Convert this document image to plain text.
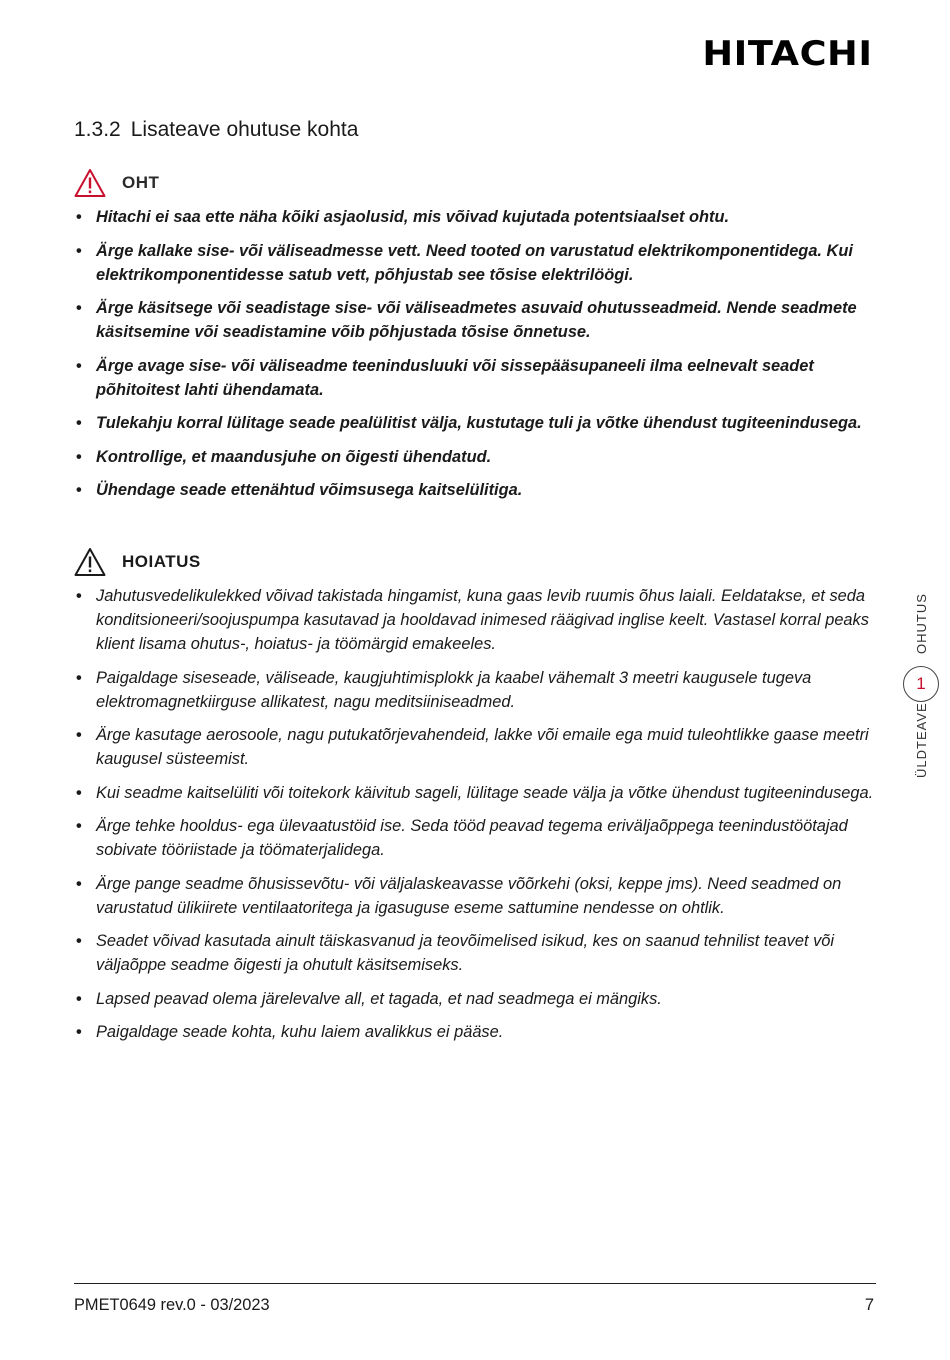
HITACHI
1.3.2 Lisateave ohutuse kohta
OHT
• Hitachi ei saa ette näha kõiki asjaolusid, mis võivad kujutada potentsiaalset ohtu.
• Ärge kallake sise- või väliseadmesse vett. Need tooted on varustatud elektrikomponentidega. Kui elektrikomponentidesse satub vett, põhjustab see tõsise elektrilöögi.
• Ärge käsitsege või seadistage sise- või väliseadmetes asuvaid ohutusseadmeid. Nende seadmete käsitsemine või seadistamine võib põhjustada tõsise õnnetuse.
• Ärge avage sise- või väliseadme teenindusluuki või sissepääsupaneeli ilma eelnevalt seadet põhitoitest lahti ühendamata.
• Tulekahju korral lülitage seade pealülitist välja, kustutage tuli ja võtke ühendust tugiteenindusega.
• Kontrollige, et maandusjuhe on õigesti ühendatud.
• Ühendage seade ettenähtud võimsusega kaitselülitiga.
HOIATUS
• Jahutusvedelikulekked võivad takistada hingamist, kuna gaas levib ruumis õhus laiali. Eeldatakse, et seda konditsioneeri/soojuspumpa kasutavad ja hooldavad inimesed räägivad inglise keelt. Vastasel korral peaks klient lisama ohutus-, hoiatus- ja töömärgid emakeeles.
• Paigaldage siseseade, väliseade, kaugjuhtimisplokk ja kaabel vähemalt 3 meetri kaugusele tugeva elektromagnetkiirguse allikatest, nagu meditsiiniseadmed.
• Ärge kasutage aerosoole, nagu putukatõrjevahendeid, lakke või emaile ega muid tuleohtlikke gaase meetri kaugusel süsteemist.
• Kui seadme kaitselüliti või toitekork käivitub sageli, lülitage seade välja ja võtke ühendust tugiteenindusega.
• Ärge tehke hooldus- ega ülevaatustöid ise. Seda tööd peavad tegema eriväljaõppega teenindustöötajad sobivate tööriistade ja töömaterjalidega.
• Ärge pange seadme õhusissevõtu- või väljalaskeavasse võõrkehi (oksi, keppe jms). Need seadmed on varustatud ülikiirete ventilaatoritega ja igasuguse eseme sattumine nendesse on ohtlik.
• Seadet võivad kasutada ainult täiskasvanud ja teovõimelised isikud, kes on saanud tehnilist teavet või väljaõppe seadme õigesti ja ohutult käsitsemiseks.
• Lapsed peavad olema järelevalve all, et tagada, et nad seadmega ei mängiks.
• Paigaldage seade kohta, kuhu laiem avalikkus ei pääse.
OHUTUS
1
ÜLDTEAVE
PMET0649 rev.0 - 03/2023	7
